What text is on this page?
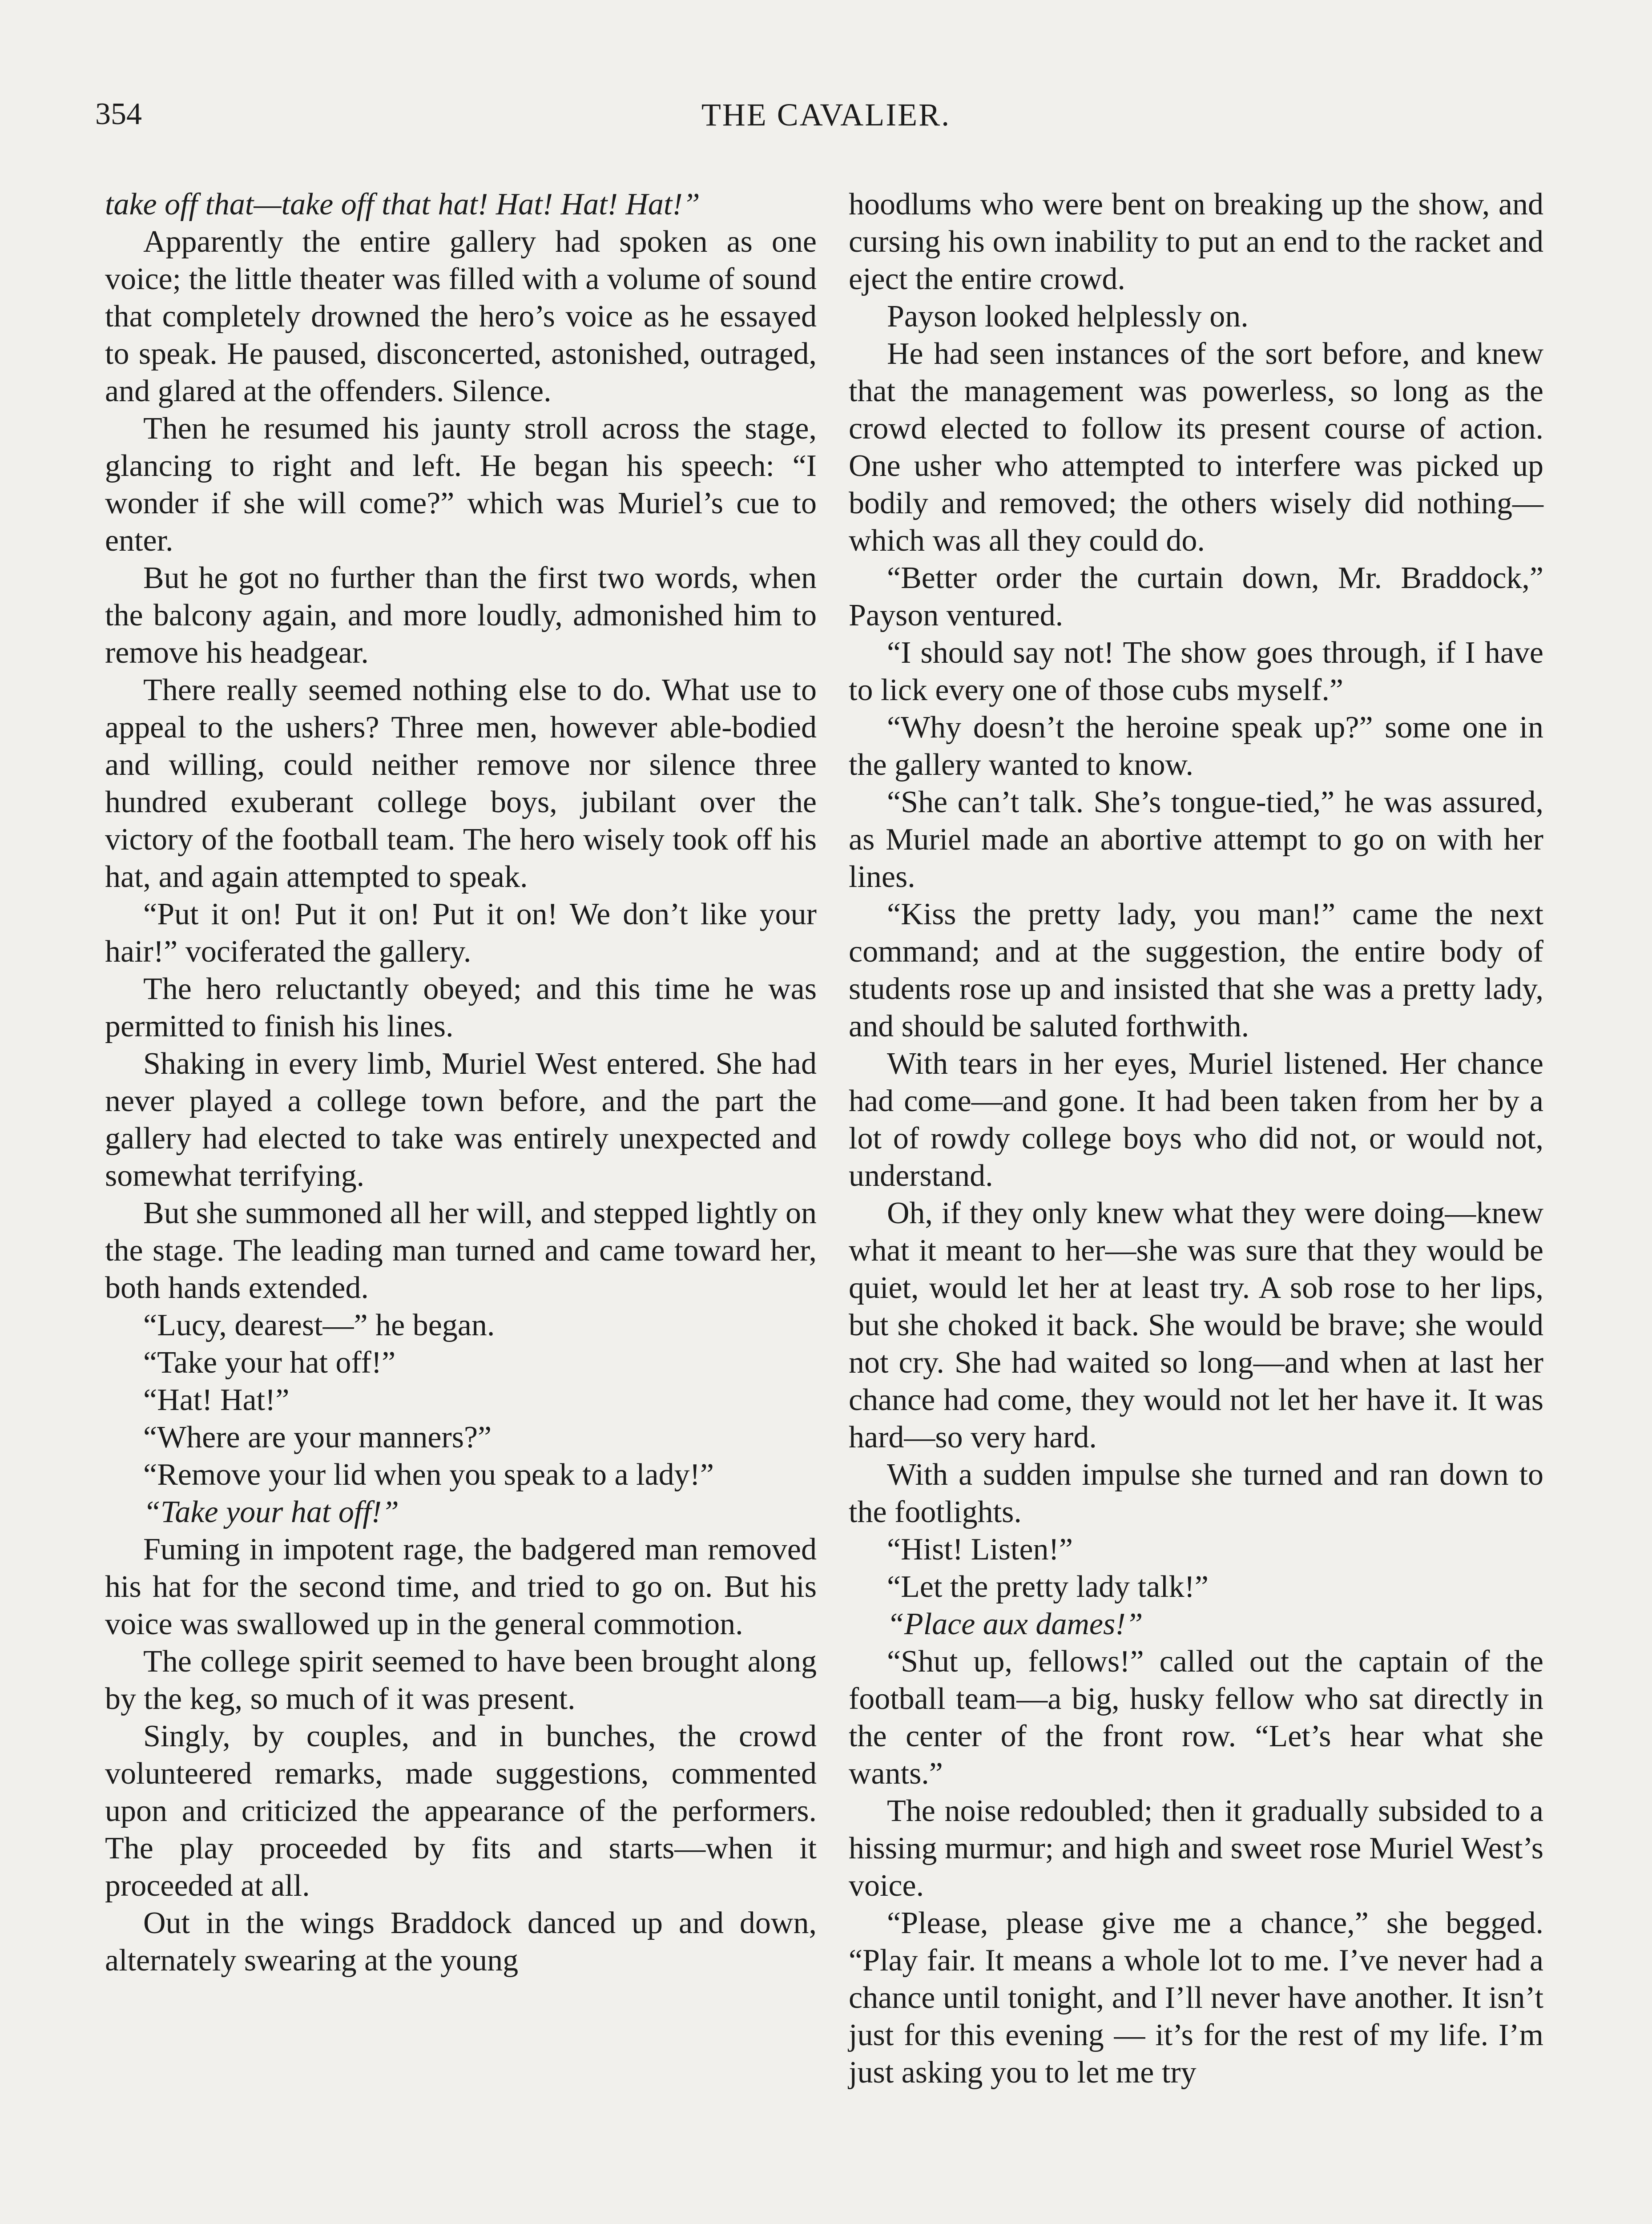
354	THE CAVALIER.

take off that—take off that hat! Hat! Hat! Hat!”

Apparently the entire gallery had spoken as one voice; the little theater was filled with a volume of sound that completely drowned the hero’s voice as he essayed to speak. He paused, disconcerted, astonished, outraged, and glared at the offenders. Silence.

Then he resumed his jaunty stroll across the stage, glancing to right and left. He began his speech: “I wonder if she will come?” which was Muriel’s cue to enter.

But he got no further than the first two words, when the balcony again, and more loudly, admonished him to remove his headgear.

There really seemed nothing else to do. What use to appeal to the ushers? Three men, however able-bodied and willing, could neither remove nor silence three hundred exuberant college boys, jubilant over the victory of the football team. The hero wisely took off his hat, and again attempted to speak.

“Put it on! Put it on! Put it on! We don’t like your hair!” vociferated the gallery.

The hero reluctantly obeyed; and this time he was permitted to finish his lines.

Shaking in every limb, Muriel West entered. She had never played a college town before, and the part the gallery had elected to take was entirely unexpected and somewhat terrifying.

But she summoned all her will, and stepped lightly on the stage. The leading man turned and came toward her, both hands extended.

“Lucy, dearest—” he began.

“Take your hat off!”

“Hat! Hat!”

“Where are your manners?”

“Remove your lid when you speak to a lady!”

“Take your hat off!”

Fuming in impotent rage, the badgered man removed his hat for the second time, and tried to go on. But his voice was swallowed up in the general commotion.

The college spirit seemed to have been brought along by the keg, so much of it was present.

Singly, by couples, and in bunches, the crowd volunteered remarks, made suggestions, commented upon and criticized the appearance of the performers. The play proceeded by fits and starts—when it proceeded at all.

Out in the wings Braddock danced up and down, alternately swearing at the young

hoodlums who were bent on breaking up the show, and cursing his own inability to put an end to the racket and eject the entire crowd.

Payson looked helplessly on.

He had seen instances of the sort before, and knew that the management was powerless, so long as the crowd elected to follow its present course of action. One usher who attempted to interfere was picked up bodily and removed; the others wisely did nothing—which was all they could do.

“Better order the curtain down, Mr. Braddock,” Payson ventured.

“I should say not! The show goes through, if I have to lick every one of those cubs myself.”

“Why doesn’t the heroine speak up?” some one in the gallery wanted to know.

“She can’t talk. She’s tongue-tied,” he was assured, as Muriel made an abortive attempt to go on with her lines.

“Kiss the pretty lady, you man!” came the next command; and at the suggestion, the entire body of students rose up and insisted that she was a pretty lady, and should be saluted forthwith.

With tears in her eyes, Muriel listened. Her chance had come—and gone. It had been taken from her by a lot of rowdy college boys who did not, or would not, understand.

Oh, if they only knew what they were doing—knew what it meant to her—she was sure that they would be quiet, would let her at least try. A sob rose to her lips, but she choked it back. She would be brave; she would not cry. She had waited so long—and when at last her chance had come, they would not let her have it. It was hard—so very hard.

With a sudden impulse she turned and ran down to the footlights.

“Hist! Listen!”

“Let the pretty lady talk!”

“Place aux dames!”

“Shut up, fellows!” called out the captain of the football team—a big, husky fellow who sat directly in the center of the front row. “Let’s hear what she wants.”

The noise redoubled; then it gradually subsided to a hissing murmur; and high and sweet rose Muriel West’s voice.

“Please, please give me a chance,” she begged. “Play fair. It means a whole lot to me. I’ve never had a chance until tonight, and I’ll never have another. It isn’t just for this evening — it’s for the rest of my life. I’m just asking you to let me try
